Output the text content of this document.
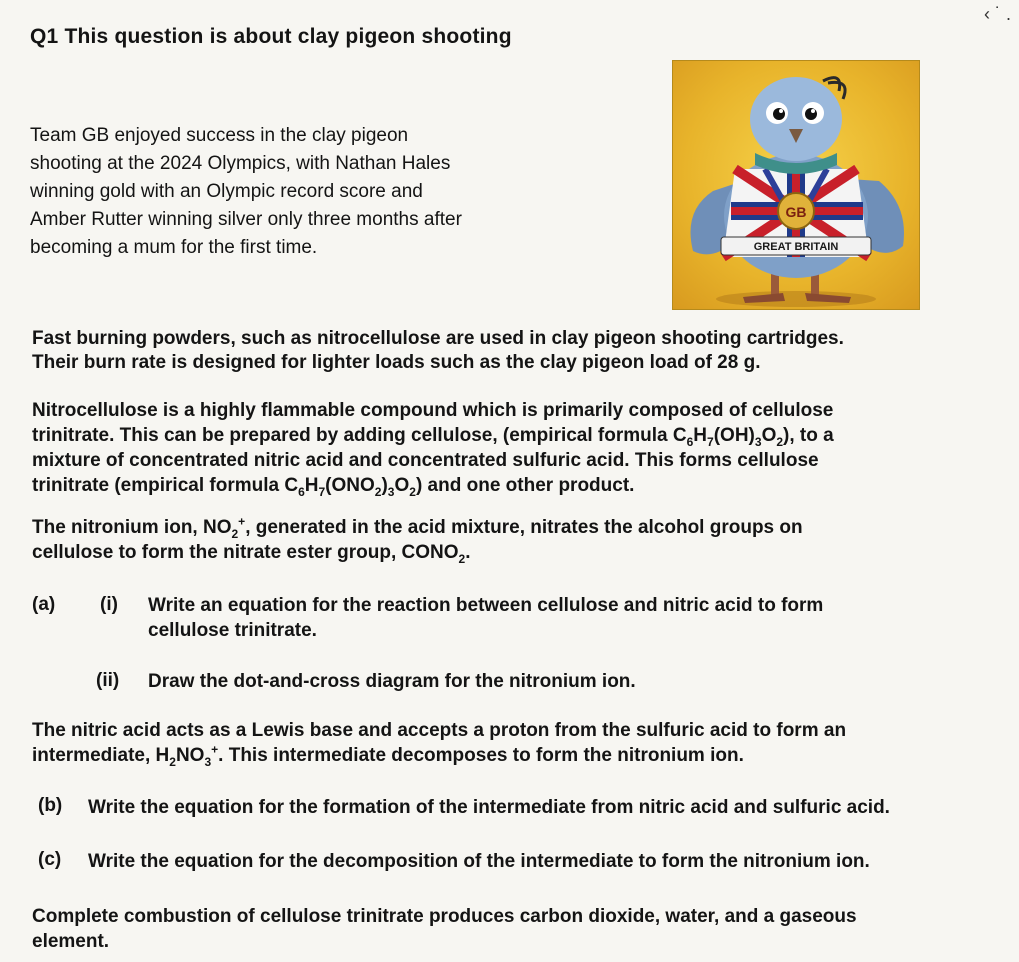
‹ ˙ .
Q1 This question is about clay pigeon shooting
Team GB enjoyed success in the clay pigeon
shooting at the 2024 Olympics, with Nathan Hales
winning gold with an Olympic record score and
Amber Rutter winning silver only three months after
becoming a mum for the first time.	GREAT BRITAIN
GB
Fast burning powders, such as nitrocellulose are used in clay pigeon shooting cartridges.
Their burn rate is designed for lighter loads such as the clay pigeon load of 28 g.
Nitrocellulose is a highly flammable compound which is primarily composed of cellulose
trinitrate. This can be prepared by adding cellulose, (empirical formula $C_6H_7(OH)_3O_2$), to a
mixture of concentrated nitric acid and concentrated sulfuric acid. This forms cellulose
trinitrate (empirical formula $C_6H_7(ONO_2)_3O_2$) and one other product.
The nitronium ion, $NO_2^+$, generated in the acid mixture, nitrates the alcohol groups on
cellulose to form the nitrate ester group, $CONO_2$.
(a) (i) Write an equation for the reaction between cellulose and nitric acid to form
cellulose trinitrate.
(ii) Draw the dot-and-cross diagram for the nitronium ion.
The nitric acid acts as a Lewis base and accepts a proton from the sulfuric acid to form an
intermediate, $H_2NO_3^+$. This intermediate decomposes to form the nitronium ion.
(b) Write the equation for the formation of the intermediate from nitric acid and sulfuric acid.
(c) Write the equation for the decomposition of the intermediate to form the nitronium ion.
Complete combustion of cellulose trinitrate produces carbon dioxide, water, and a gaseous
element.
